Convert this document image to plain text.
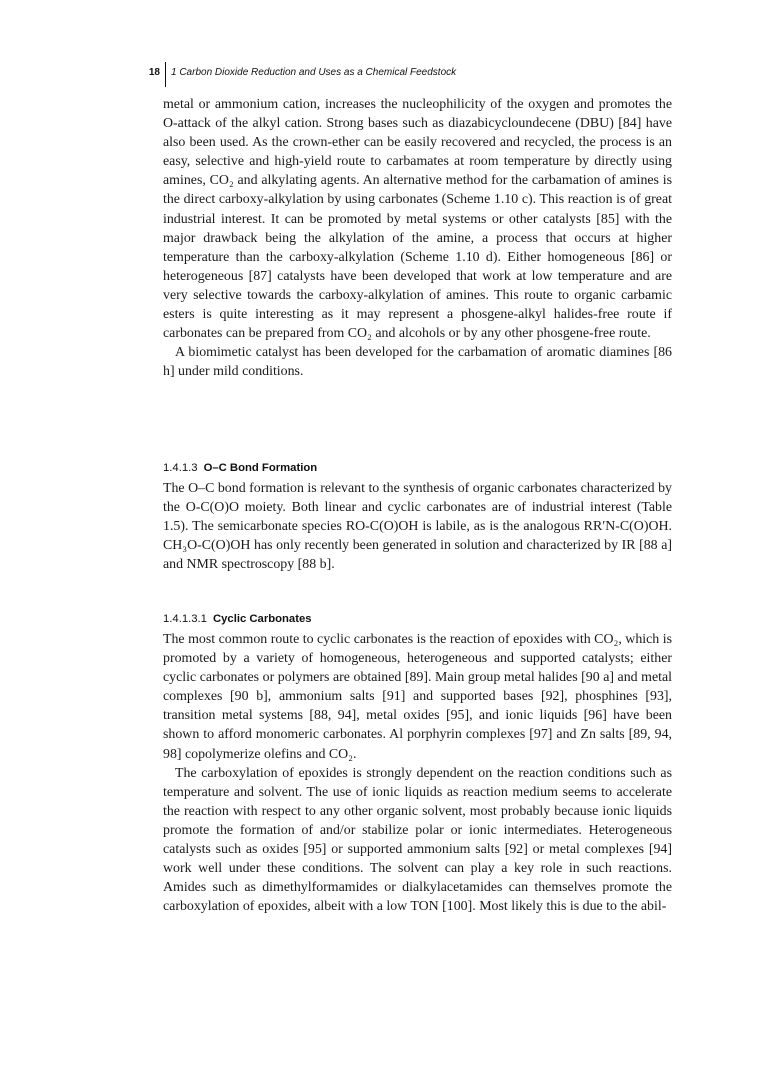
18 1 Carbon Dioxide Reduction and Uses as a Chemical Feedstock

metal or ammonium cation, increases the nucleophilicity of the oxygen and promotes the O-attack of the alkyl cation. Strong bases such as diazabicycloundecene (DBU) [84] have also been used. As the crown-ether can be easily recovered and recycled, the process is an easy, selective and high-yield route to carbamates at room temperature by directly using amines, CO₂ and alkylating agents. An alternative method for the carbamation of amines is the direct carboxy-alkylation by using carbonates (Scheme 1.10 c). This reaction is of great industrial interest. It can be promoted by metal systems or other catalysts [85] with the major drawback being the alkylation of the amine, a process that occurs at higher temperature than the carboxy-alkylation (Scheme 1.10 d). Either homogeneous [86] or heterogeneous [87] catalysts have been developed that work at low temperature and are very selective towards the carboxy-alkylation of amines. This route to organic carbamic esters is quite interesting as it may represent a phosgene-alkyl halides-free route if carbonates can be prepared from CO₂ and alcohols or by any other phosgene-free route.

A biomimetic catalyst has been developed for the carbamation of aromatic diamines [86 h] under mild conditions.

1.4.1.3 O–C Bond Formation

The O–C bond formation is relevant to the synthesis of organic carbonates characterized by the O-C(O)O moiety. Both linear and cyclic carbonates are of industrial interest (Table 1.5). The semicarbonate species RO-C(O)OH is labile, as is the analogous RR′N-C(O)OH. CH₃O-C(O)OH has only recently been generated in solution and characterized by IR [88 a] and NMR spectroscopy [88 b].

1.4.1.3.1 Cyclic Carbonates

The most common route to cyclic carbonates is the reaction of epoxides with CO₂, which is promoted by a variety of homogeneous, heterogeneous and supported catalysts; either cyclic carbonates or polymers are obtained [89]. Main group metal halides [90 a] and metal complexes [90 b], ammonium salts [91] and supported bases [92], phosphines [93], transition metal systems [88, 94], metal oxides [95], and ionic liquids [96] have been shown to afford monomeric carbonates. Al porphyrin complexes [97] and Zn salts [89, 94, 98] copolymerize olefins and CO₂.

The carboxylation of epoxides is strongly dependent on the reaction conditions such as temperature and solvent. The use of ionic liquids as reaction medium seems to accelerate the reaction with respect to any other organic solvent, most probably because ionic liquids promote the formation of and/or stabilize polar or ionic intermediates. Heterogeneous catalysts such as oxides [95] or supported ammonium salts [92] or metal complexes [94] work well under these conditions. The solvent can play a key role in such reactions. Amides such as dimethylformamides or dialkylacetamides can themselves promote the carboxylation of epoxides, albeit with a low TON [100]. Most likely this is due to the abil-
